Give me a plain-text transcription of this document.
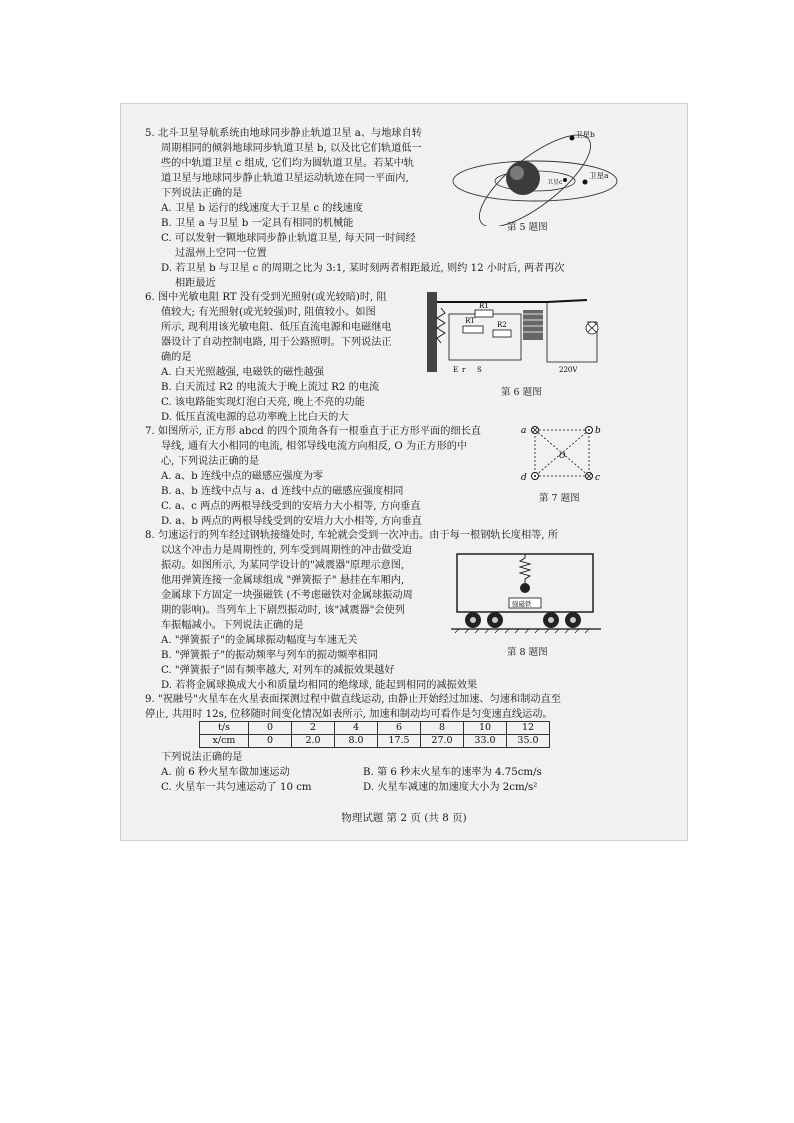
5. 北斗卫星导航系统由地球同步静止轨道卫星 a、与地球自转
周期相同的倾斜地球同步轨道卫星 b, 以及比它们轨道低一
些的中轨道卫星 c 组成, 它们均为圆轨道卫星。若某中轨
道卫星与地球同步静止轨道卫星运动轨迹在同一平面内,
下列说法正确的是
A. 卫星 b 运行的线速度大于卫星 c 的线速度
B. 卫星 a 与卫星 b 一定具有相同的机械能
C. 可以发射一颗地球同步静止轨道卫星, 每天同一时间经
过温州上空同一位置
D. 若卫星 b 与卫星 c 的周期之比为 3:1, 某时刻两者相距最近, 则约 12 小时后, 两者再次
相距最近
卫星b
卫星a
卫星c
第 5 题图
6. 图中光敏电阻 RT 没有受到光照射(或光较暗)时, 阻
值较大; 有光照射(或光较强)时, 阻值较小。如图
所示, 现利用该光敏电阻、低压直流电源和电磁继电
器设计了自动控制电路, 用于公路照明。下列说法正
确的是
A. 白天光照越强, 电磁铁的磁性越强
B. 白天流过 R2 的电流大于晚上流过 R2 的电流
C. 该电路能实现灯泡白天亮, 晚上不亮的功能
D. 低压直流电源的总功率晚上比白天的大
R1
RT	R2
E r S	220V
第 6 题图
7. 如图所示, 正方形 abcd 的四个顶角各有一根垂直于正方形平面的细长直
导线, 通有大小相同的电流, 相邻导线电流方向相反, O 为正方形的中
心, 下列说法正确的是
A. a、b 连线中点的磁感应强度为零
B. a、b 连线中点与 a、d 连线中点的磁感应强度相同
C. a、c 两点的两根导线受到的安培力大小相等, 方向垂直
D. a、b 两点的两根导线受到的安培力大小相等, 方向垂直
a	b
c
d
O
第 7 题图
8. 匀速运行的列车经过钢轨接缝处时, 车轮就会受到一次冲击。由于每一根钢轨长度相等, 所
以这个冲击力是周期性的, 列车受到周期性的冲击做受迫
振动。如图所示, 为某同学设计的"减震器"原理示意图,
他用弹簧连接一金属球组成 "弹簧振子" 悬挂在车厢内,
金属球下方固定一块强磁铁 (不考虑磁铁对金属球振动周
期的影响)。当列车上下剧烈振动时, 该"减震器"会使列
车振幅减小。下列说法正确的是
A. "弹簧振子"的金属球振动幅度与车速无关
B. "弹簧振子"的振动频率与列车的振动频率相同
C. "弹簧振子"固有频率越大, 对列车的减振效果越好
D. 若将金属球换成大小和质量均相同的绝缘球, 能起到相同的减振效果
强磁铁
第 8 题图
9. "祝融号"火星车在火星表面探测过程中做直线运动, 由静止开始经过加速、匀速和制动直至
停止, 共用时 12s, 位移随时间变化情况如表所示, 加速和制动均可看作是匀变速直线运动。
t/s	0	2	4	6	8	10	12
x/cm	0	2.0	8.0	17.5	27.0	33.0	35.0
下列说法正确的是
A. 前 6 秒火星车做加速运动	B. 第 6 秒末火星车的速率为 4.75cm/s
C. 火星车一共匀速运动了 10 cm	D. 火星车减速的加速度大小为 2cm/s²
物理试题 第 2 页 (共 8 页)
